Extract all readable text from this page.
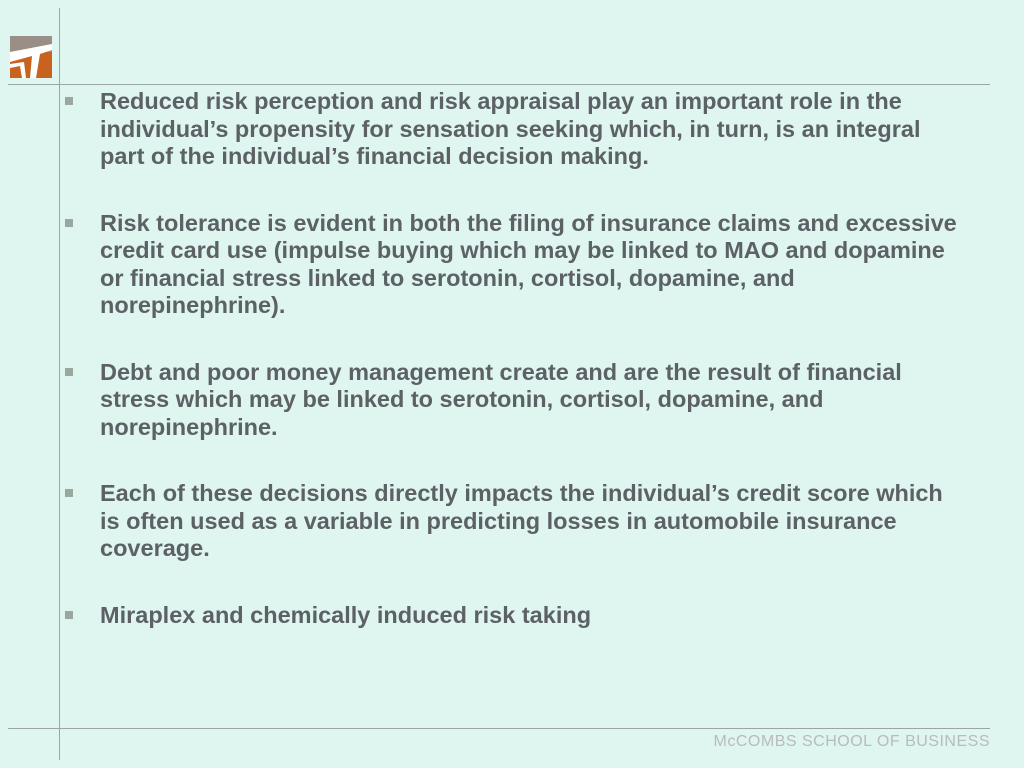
Reduced risk perception and risk appraisal play an important role in the individual’s propensity for sensation seeking which, in turn, is an integral part of the individual’s financial decision making.
Risk tolerance is evident in both the filing of insurance claims and excessive credit card use (impulse buying which may be linked to MAO and dopamine or financial stress linked to serotonin, cortisol, dopamine, and norepinephrine).
Debt and poor money management create and are the result of financial stress which may be linked to serotonin, cortisol, dopamine, and norepinephrine.
Each of these decisions directly impacts the individual’s credit score which is often used as a variable in predicting losses in automobile insurance coverage.
Miraplex and chemically induced risk taking
McCOMBS SCHOOL OF BUSINESS
